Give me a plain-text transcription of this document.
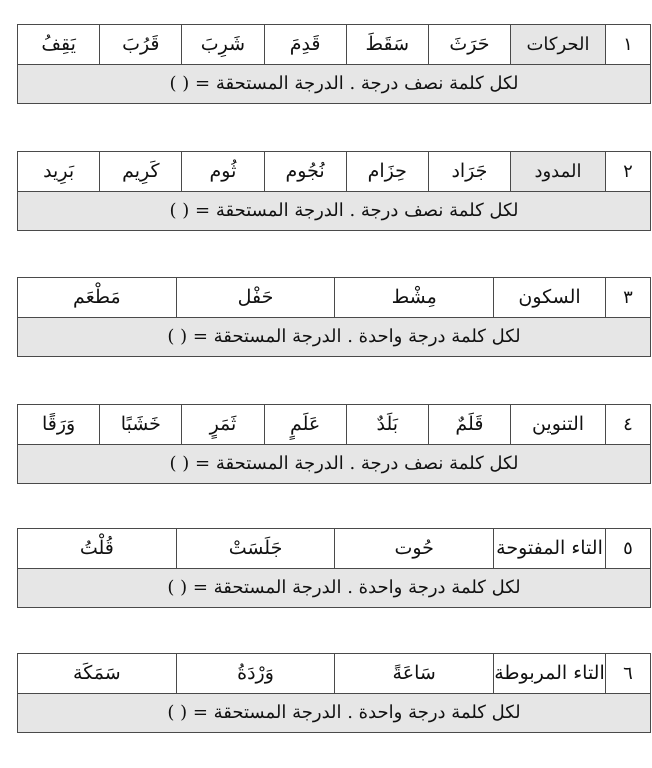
١	الحركات	حَرَثَ	سَقَطَ	قَدِمَ	شَرِبَ	قَرُبَ	يَقِفُ
لكل كلمة نصف درجة . الدرجة المستحقة = ( )
٢	المدود	جَرَاد	حِزَام	نُجُوم	ثُوم	كَرِيم	بَرِيد
لكل كلمة نصف درجة . الدرجة المستحقة = ( )
٣	السكون	مِشْط	حَفْل	مَطْعَم
لكل كلمة درجة واحدة . الدرجة المستحقة = ( )
٤	التنوين	قَلَمٌ	بَلَدٌ	عَلَمٍ	ثَمَرٍ	خَشَبًا	وَرَقًا
لكل كلمة نصف درجة . الدرجة المستحقة = ( )
٥	التاء المفتوحة	حُوت	جَلَسَتْ	قُلْتُ
لكل كلمة درجة واحدة . الدرجة المستحقة = ( )
٦	التاء المربوطة	سَاعَةً	وَرْدَةُ	سَمَكَة
لكل كلمة درجة واحدة . الدرجة المستحقة = ( )
